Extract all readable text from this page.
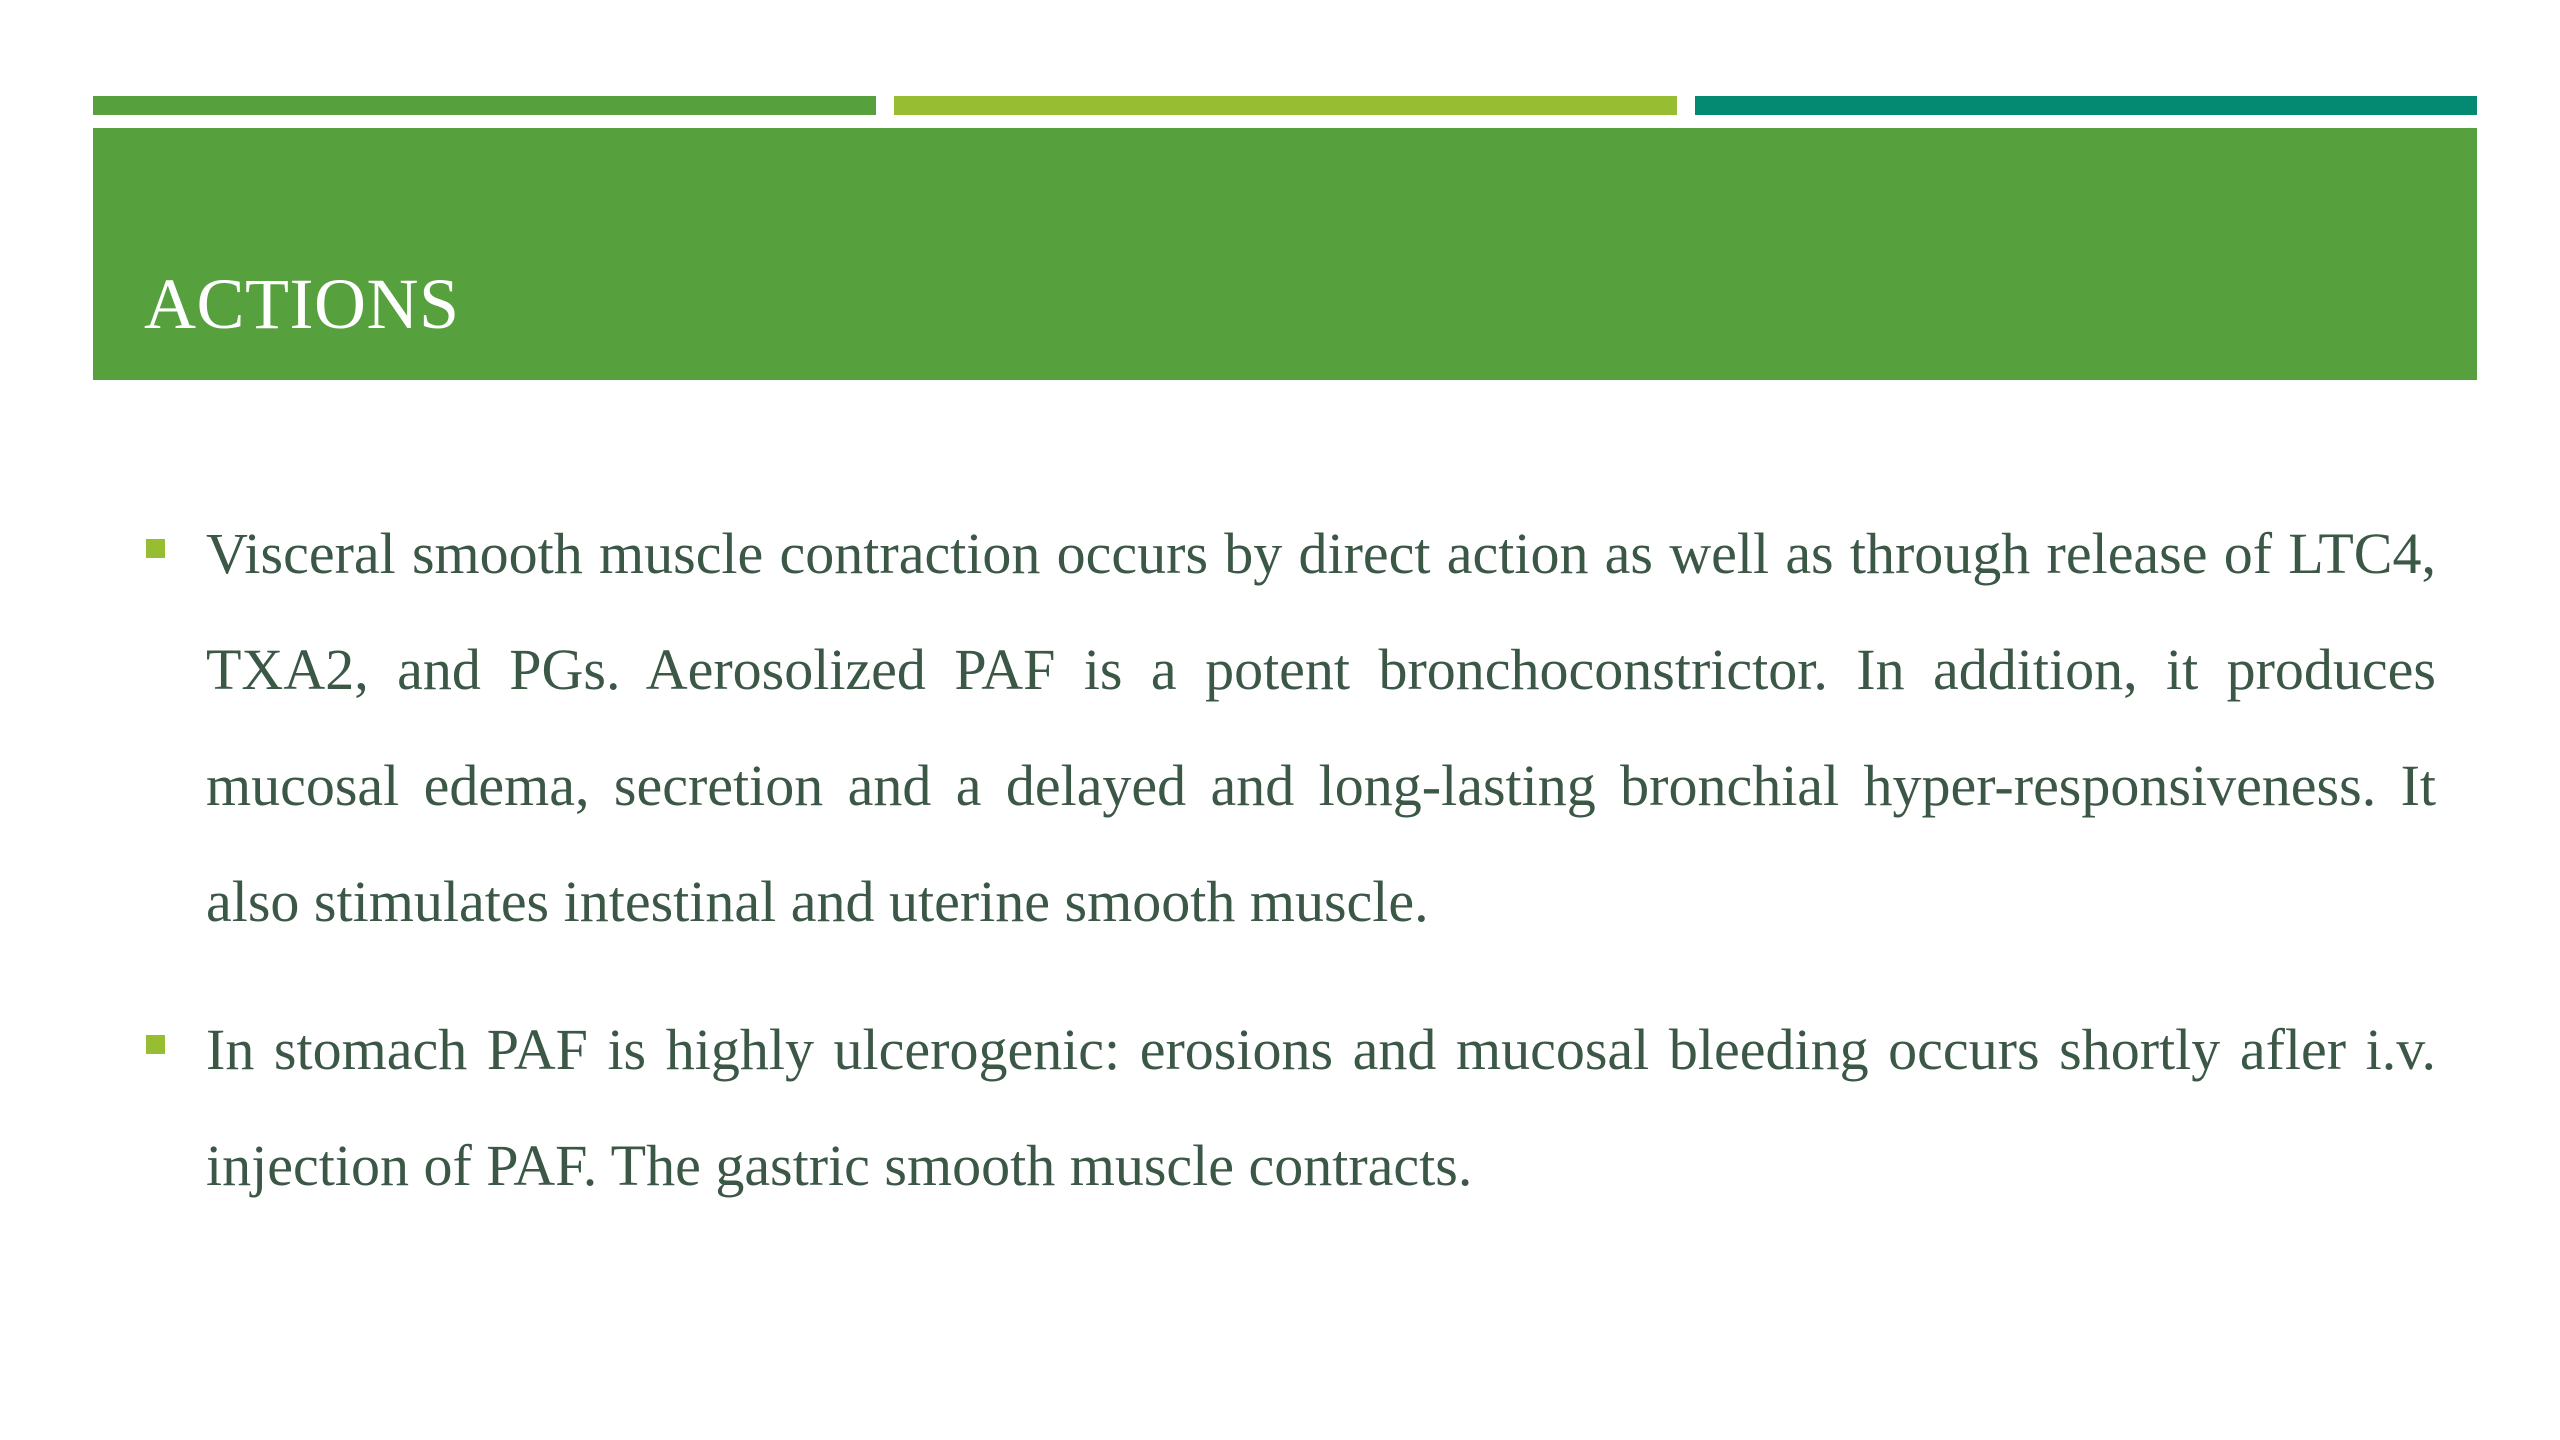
ACTIONS
Visceral smooth muscle contraction occurs by direct action as well as through release of LTC4, TXA2, and PGs. Aerosolized PAF is a potent bronchoconstrictor. In addition, it produces mucosal edema, secretion and a delayed and long-lasting bronchial hyper-responsiveness. It also stimulates intestinal and uterine smooth muscle.
In stomach PAF is highly ulcerogenic: erosions and mucosal bleeding occurs shortly afler i.v. injection of PAF. The gastric smooth muscle contracts.
